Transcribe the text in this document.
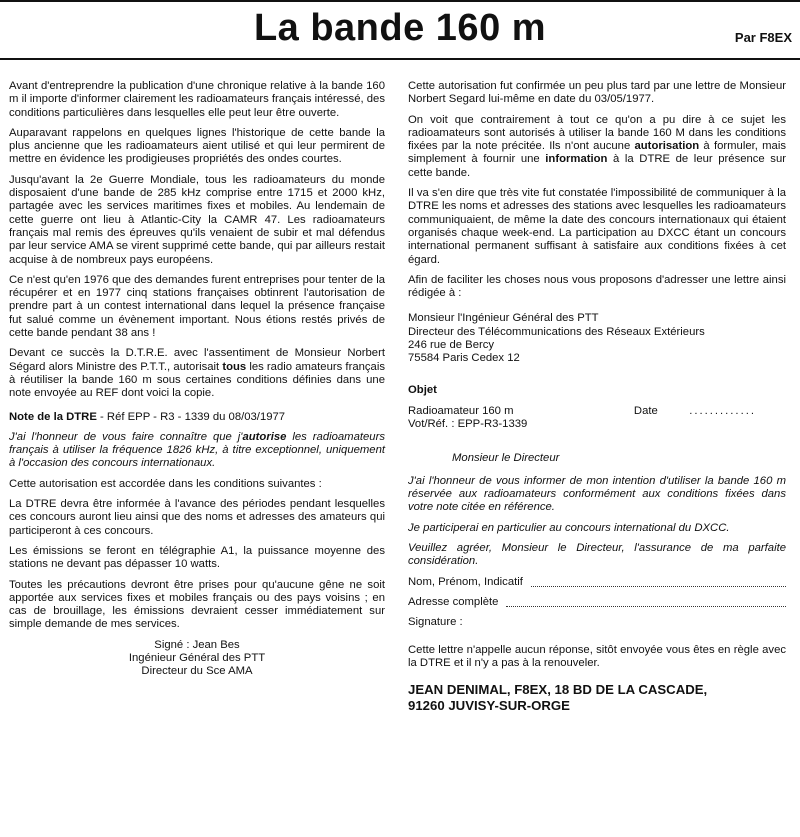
La bande 160 m	Par F8EX

Avant d'entreprendre la publication d'une chronique relative à la bande 160 m il importe d'informer clairement les radioamateurs français intéressé, des conditions particulières dans lesquelles elle peut leur être ouverte.

Auparavant rappelons en quelques lignes l'historique de cette bande la plus ancienne que les radioamateurs aient utilisé et qui leur permirent de mettre en évidence les prodigieuses propriétés des ondes courtes.

Jusqu'avant la 2e Guerre Mondiale, tous les radioamateurs du monde disposaient d'une bande de 285 kHz comprise entre 1715 et 2000 kHz, partagée avec les services maritimes fixes et mobiles. Au lendemain de cette guerre ont lieu à Atlantic-City la CAMR 47. Les radioamateurs français mal remis des épreuves qu'ils venaient de subir et mal défendus par leur service AMA se virent supprimé cette bande, qui par ailleurs restait acquise à de nombreux pays européens.

Ce n'est qu'en 1976 que des demandes furent entreprises pour tenter de la récupérer et en 1977 cinq stations françaises obtinrent l'autorisation de prendre part à un contest international dans lequel la présence française fut salué comme un évènement important. Nous étions restés privés de cette bande pendant 38 ans !

Devant ce succès la D.T.R.E. avec l'assentiment de Monsieur Norbert Ségard alors Ministre des P.T.T., autorisait tous les radio amateurs français à réutiliser la bande 160 m sous certaines conditions définies dans une note envoyée au REF dont voici la copie.

Note de la DTRE - Réf EPP - R3 - 1339 du 08/03/1977

J'ai l'honneur de vous faire connaître que j'autorise les radioamateurs français à utiliser la fréquence 1826 kHz, à titre exceptionnel, uniquement à l'occasion des concours internationaux.

Cette autorisation est accordée dans les conditions suivantes :

La DTRE devra être informée à l'avance des périodes pendant lesquelles ces concours auront lieu ainsi que des noms et adresses des amateurs qui participeront à ces concours.

Les émissions se feront en télégraphie A1, la puissance moyenne des stations ne devant pas dépasser 10 watts.

Toutes les précautions devront être prises pour qu'aucune gêne ne soit apportée aux services fixes et mobiles français ou des pays voisins ; en cas de brouillage, les émissions devraient cesser immédiatement sur simple demande de mes services.

Signé : Jean Bes

Ingénieur Général des PTT

Directeur du Sce AMA

Cette autorisation fut confirmée un peu plus tard par une lettre de Monsieur Norbert Segard lui-même en date du 03/05/1977.

On voit que contrairement à tout ce qu'on a pu dire à ce sujet les radioamateurs sont autorisés à utiliser la bande 160 M dans les conditions fixées par la note précitée. Ils n'ont aucune autorisation à formuler, mais simplement à fournir une information à la DTRE de leur présence sur cette bande.

Il va s'en dire que très vite fut constatée l'impossibilité de communiquer à la DTRE les noms et adresses des stations avec lesquelles les radioamateurs communiquaient, de même la date des concours internationaux qui étaient organisés chaque week-end. La participation au DXCC étant un concours international permanent suffisant à satisfaire aux conditions fixées à cet égard.

Afin de faciliter les choses nous vous proposons d'adresser une lettre ainsi rédigée à :

Monsieur l'Ingénieur Général des PTT

Directeur des Télécommunications des Réseaux Extérieurs

246 rue de Bercy

75584 Paris Cedex 12

Objet
Radioamateur 160 m	Date	.............
Vot/Réf. : EPP-R3-1339

Monsieur le Directeur

J'ai l'honneur de vous informer de mon intention d'utiliser la bande 160 m réservée aux radioamateurs conformément aux conditions fixées dans votre note citée en référence.

Je participerai en particulier au concours international du DXCC.

Veuillez agréer, Monsieur le Directeur, l'assurance de ma parfaite considération.

Nom, Prénom, Indicatif
Adresse complète
Signature :

Cette lettre n'appelle aucun réponse, sitôt envoyée vous êtes en règle avec la DTRE et il n'y a pas à la renouveler.

JEAN DENIMAL, F8EX, 18 BD DE LA CASCADE,
91260 JUVISY-SUR-ORGE
